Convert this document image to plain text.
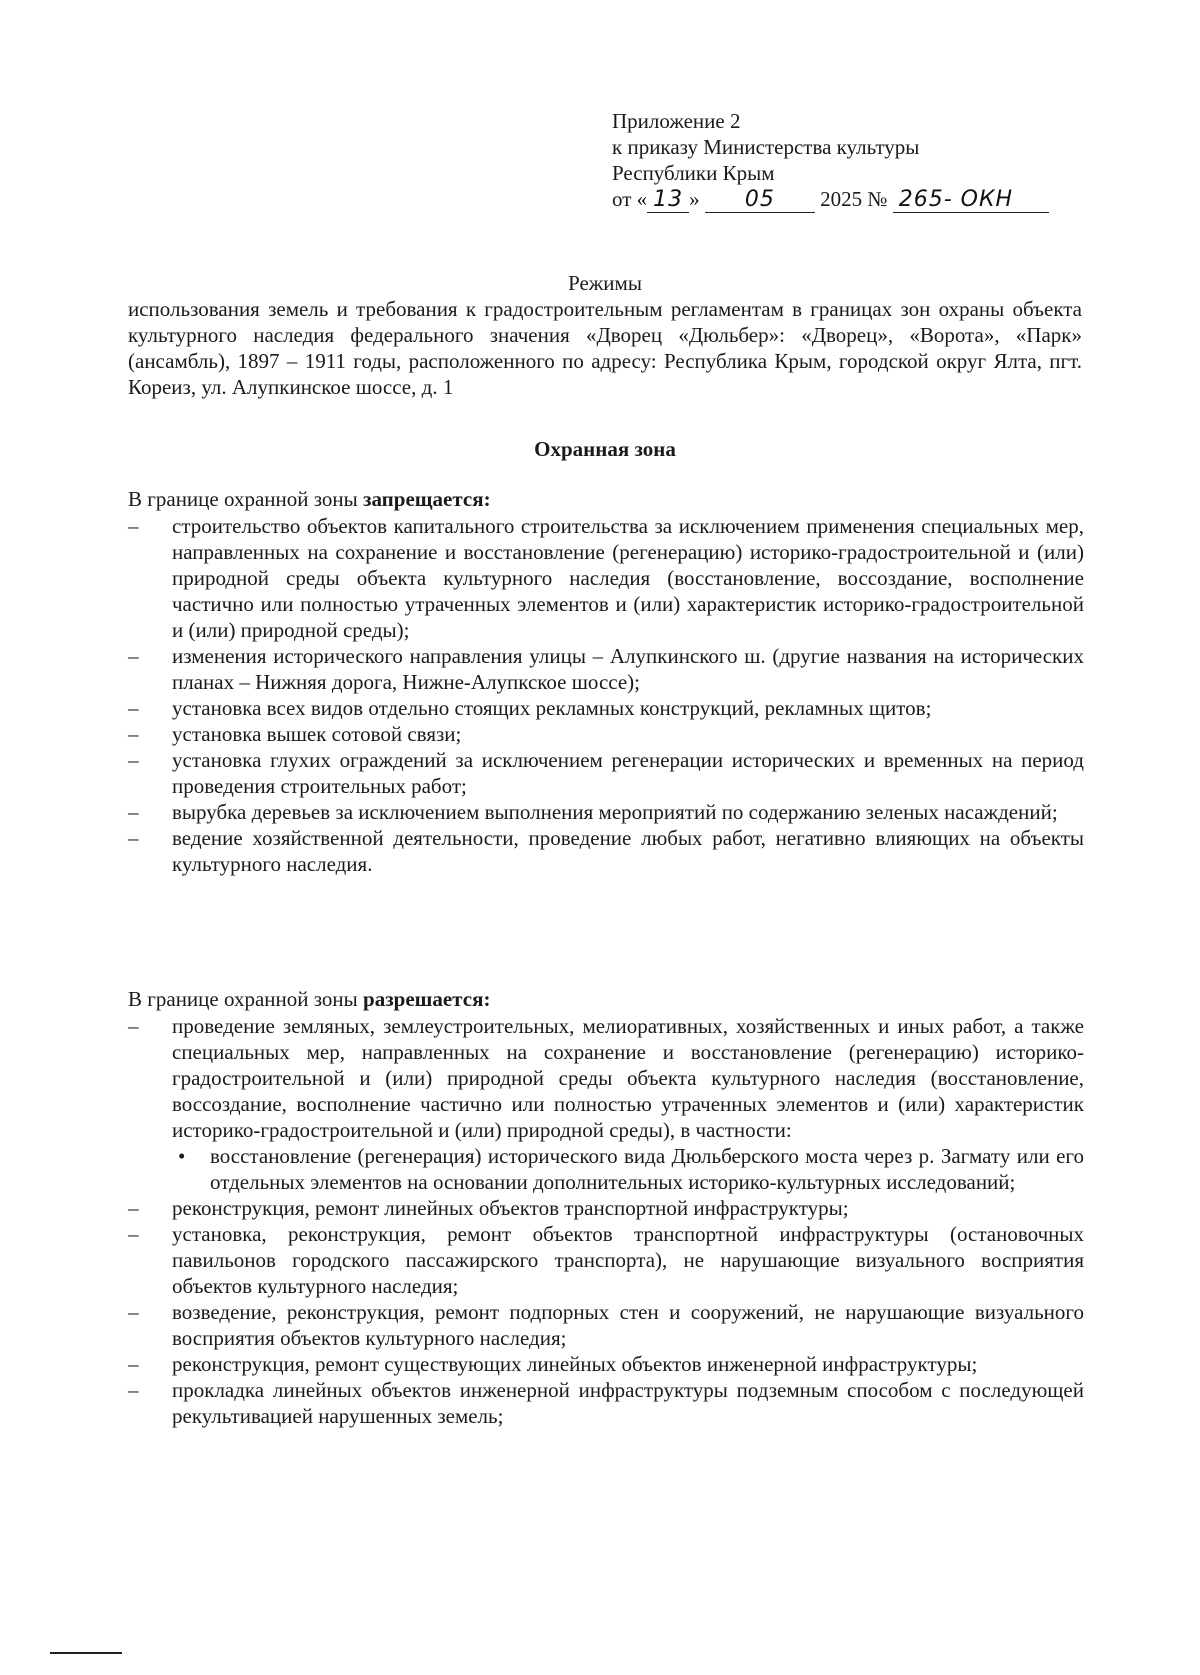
Приложение 2
к приказу Министерства культуры
Республики Крым
от « 13 » 05 2025 № 265- ОКН
Режимы
использования земель и требования к градостроительным регламентам в границах зон охраны объекта культурного наследия федерального значения «Дворец «Дюльбер»: «Дворец», «Ворота», «Парк» (ансамбль), 1897 – 1911 годы, расположенного по адресу: Республика Крым, городской округ Ялта, пгт. Кореиз, ул. Алупкинское шоссе, д. 1
Охранная зона
В границе охранной зоны запрещается:
– строительство объектов капитального строительства за исключением применения специальных мер, направленных на сохранение и восстановление (регенерацию) историко-градостроительной и (или) природной среды объекта культурного наследия (восстановление, воссоздание, восполнение частично или полностью утраченных элементов и (или) характеристик историко-градостроительной и (или) природной среды);
– изменения исторического направления улицы – Алупкинского ш. (другие названия на исторических планах – Нижняя дорога, Нижне-Алупкское шоссе);
– установка всех видов отдельно стоящих рекламных конструкций, рекламных щитов;
– установка вышек сотовой связи;
– установка глухих ограждений за исключением регенерации исторических и временных на период проведения строительных работ;
– вырубка деревьев за исключением выполнения мероприятий по содержанию зеленых насаждений;
– ведение хозяйственной деятельности, проведение любых работ, негативно влияющих на объекты культурного наследия.
В границе охранной зоны разрешается:
– проведение земляных, землеустроительных, мелиоративных, хозяйственных и иных работ, а также специальных мер, направленных на сохранение и восстановление (регенерацию) историко-градостроительной и (или) природной среды объекта культурного наследия (восстановление, воссоздание, восполнение частично или полностью утраченных элементов и (или) характеристик историко-градостроительной и (или) природной среды), в частности:
• восстановление (регенерация) исторического вида Дюльберского моста через р. Загмату или его отдельных элементов на основании дополнительных историко-культурных исследований;
– реконструкция, ремонт линейных объектов транспортной инфраструктуры;
– установка, реконструкция, ремонт объектов транспортной инфраструктуры (остановочных павильонов городского пассажирского транспорта), не нарушающие визуального восприятия объектов культурного наследия;
– возведение, реконструкция, ремонт подпорных стен и сооружений, не нарушающие визуального восприятия объектов культурного наследия;
– реконструкция, ремонт существующих линейных объектов инженерной инфраструктуры;
– прокладка линейных объектов инженерной инфраструктуры подземным способом с последующей рекультивацией нарушенных земель;
